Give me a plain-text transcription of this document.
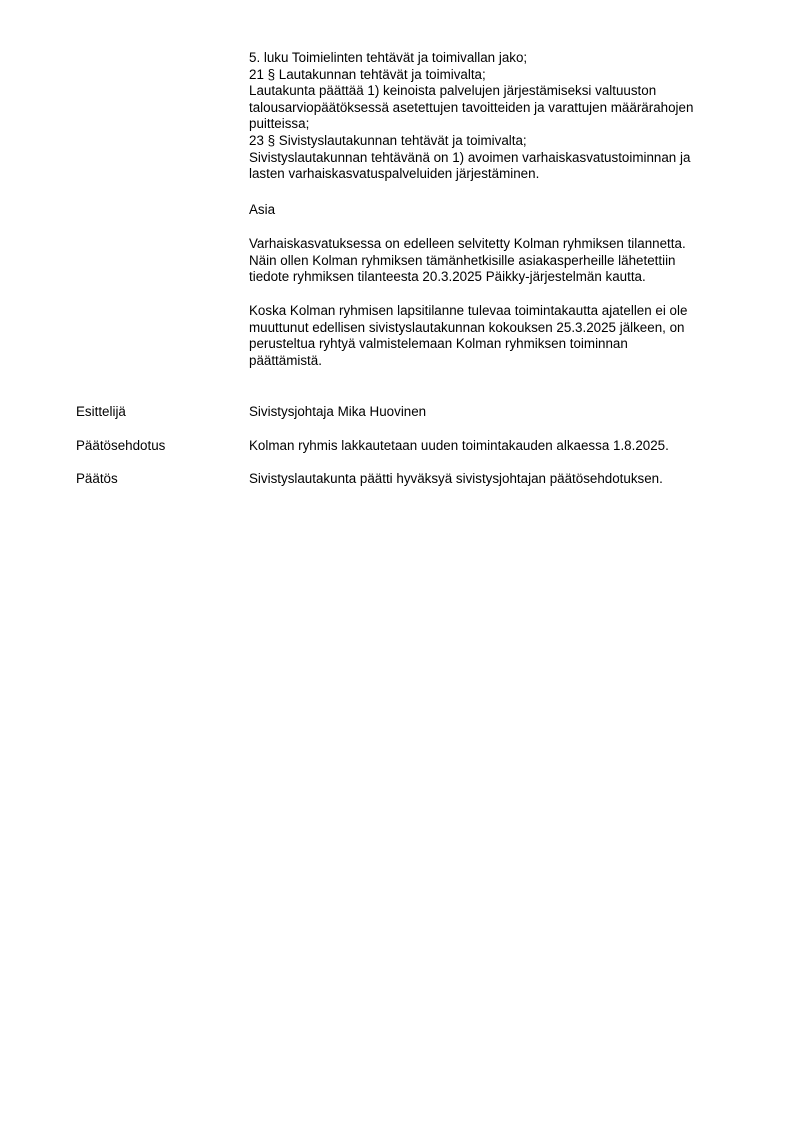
5. luku Toimielinten tehtävät ja toimivallan jako;
21 § Lautakunnan tehtävät ja toimivalta;
Lautakunta päättää 1) keinoista palvelujen järjestämiseksi valtuuston
talousarviopäätöksessä asetettujen tavoitteiden ja varattujen määrärahojen
puitteissa;
23 § Sivistyslautakunnan tehtävät ja toimivalta;
Sivistyslautakunnan tehtävänä on 1) avoimen varhaiskasvatustoiminnan ja
lasten varhaiskasvatuspalveluiden järjestäminen.
Asia
Varhaiskasvatuksessa on edelleen selvitetty Kolman ryhmiksen tilannetta.
Näin ollen Kolman ryhmiksen tämänhetkisille asiakasperheille lähetettiin
tiedote ryhmiksen tilanteesta 20.3.2025 Päikky-järjestelmän kautta.
Koska Kolman ryhmisen lapsitilanne tulevaa toimintakautta ajatellen ei ole
muuttunut edellisen sivistyslautakunnan kokouksen 25.3.2025 jälkeen, on
perusteltua ryhtyä valmistelemaan Kolman ryhmiksen toiminnan
päättämistä.
Esittelijä	Sivistysjohtaja Mika Huovinen
Päätösehdotus	Kolman ryhmis lakkautetaan uuden toimintakauden alkaessa 1.8.2025.
Päätös	Sivistyslautakunta päätti hyväksyä sivistysjohtajan päätösehdotuksen.
